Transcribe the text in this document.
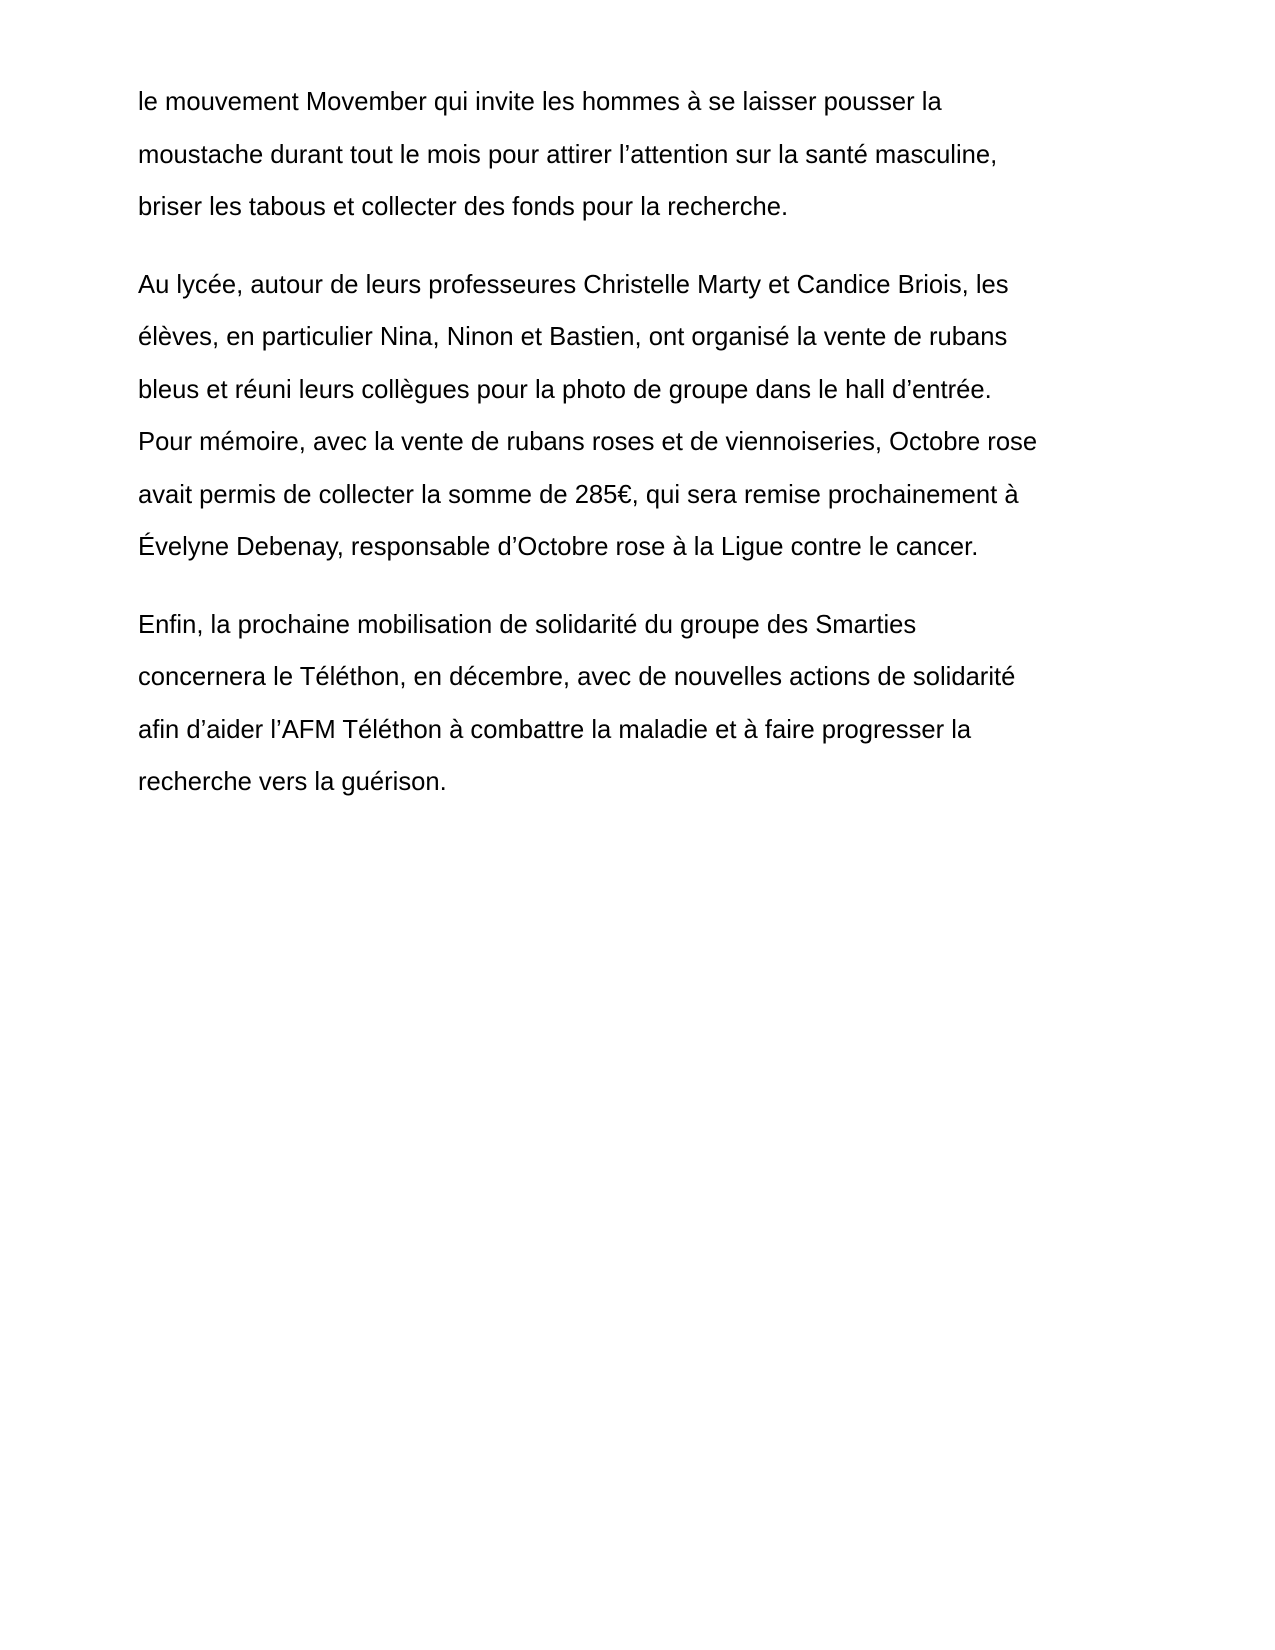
le mouvement Movember qui invite les hommes à se laisser pousser la
moustache durant tout le mois pour attirer l’attention sur la santé masculine,
briser les tabous et collecter des fonds pour la recherche.

Au lycée, autour de leurs professeures Christelle Marty et Candice Briois, les
élèves, en particulier Nina, Ninon et Bastien, ont organisé la vente de rubans
bleus et réuni leurs collègues pour la photo de groupe dans le hall d’entrée.
Pour mémoire, avec la vente de rubans roses et de viennoiseries, Octobre rose
avait permis de collecter la somme de 285€, qui sera remise prochainement à
Évelyne Debenay, responsable d’Octobre rose à la Ligue contre le cancer.

Enfin, la prochaine mobilisation de solidarité du groupe des Smarties
concernera le Téléthon, en décembre, avec de nouvelles actions de solidarité
afin d’aider l’AFM Téléthon à combattre la maladie et à faire progresser la
recherche vers la guérison.
